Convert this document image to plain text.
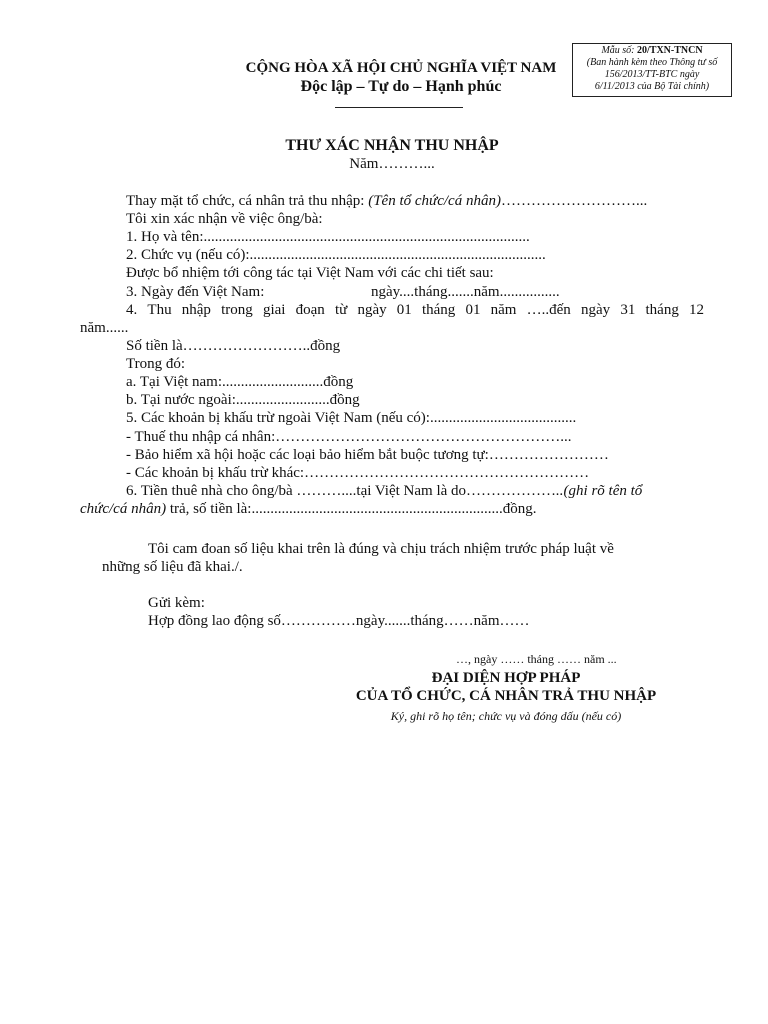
Mẫu số: 20/TXN-TNCN
(Ban hành kèm theo Thông tư số
156/2013/TT-BTC ngày
6/11/2013 của Bộ Tài chính)
CỘNG HÒA XÃ HỘI CHỦ NGHĨA VIỆT NAM
Độc lập – Tự do – Hạnh phúc
THƯ XÁC NHẬN THU NHẬP
Năm………...
Thay mặt tổ chức, cá nhân trả thu nhập: (Tên tổ chức/cá nhân)………………………...
Tôi xin xác nhận về việc ông/bà:
1. Họ và tên:.......................................................................................
2. Chức vụ (nếu có):...............................................................................
Được bổ nhiệm tới công tác tại Việt Nam với các chi tiết sau:
3. Ngày đến Việt Nam:	ngày....tháng.......năm................
4. Thu nhập trong giai đoạn từ ngày 01 tháng 01 năm …..đến ngày 31 tháng 12
năm......
Số tiền là……………………..đồng
Trong đó:
a. Tại Việt nam:...........................đồng
b. Tại nước ngoài:.........................đồng
5. Các khoản bị khấu trừ ngoài Việt Nam (nếu có):.......................................
- Thuế thu nhập cá nhân:…………………………………………………...
- Bảo hiểm xã hội hoặc các loại bảo hiểm bắt buộc tương tự:……………………
- Các khoản bị khấu trừ khác:…………………………………………………
6. Tiền thuê nhà cho ông/bà ………....tại Việt Nam là do………………..(ghi rõ tên tổ
chức/cá nhân) trả, số tiền là:...................................................................đồng.
Tôi cam đoan số liệu khai trên là đúng và chịu trách nhiệm trước pháp luật về
những số liệu đã khai./.
Gửi kèm:
Hợp đồng lao động số……………ngày.......tháng……năm……
…, ngày …… tháng …… năm ...
ĐẠI DIỆN HỢP PHÁP
CỦA TỔ CHỨC, CÁ NHÂN TRẢ THU NHẬP
Ký, ghi rõ họ tên; chức vụ và đóng dấu (nếu có)
